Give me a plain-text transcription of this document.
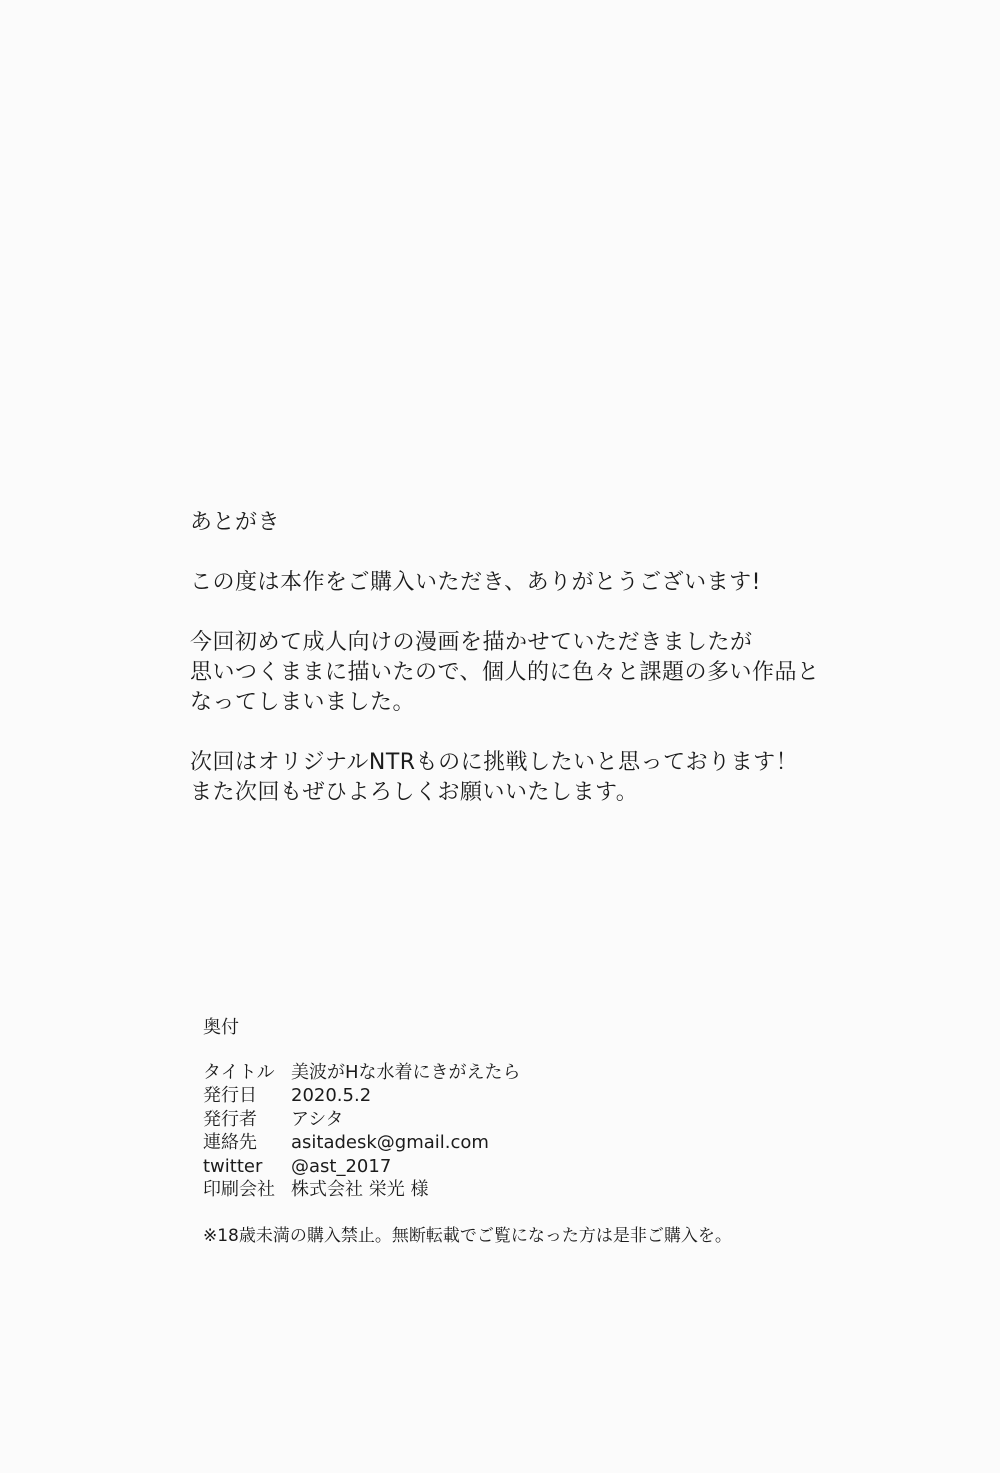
あとがき
この度は本作をご購入いただき、ありがとうございます!
今回初めて成人向けの漫画を描かせていただきましたが
思いつくままに描いたので、個人的に色々と課題の多い作品と
なってしまいました。
次回はオリジナルNTRものに挑戦したいと思っております！
また次回もぜひよろしくお願いいたします。
奥付
タイトル 美波がHな水着にきがえたら
発行日	2020.5.2
発行者	アシタ
連絡先	asitadesk@gmail.com
twitter	@ast_2017
印刷会社 株式会社 栄光 様
※18歳未満の購入禁止。無断転載でご覧になった方は是非ご購入を。
